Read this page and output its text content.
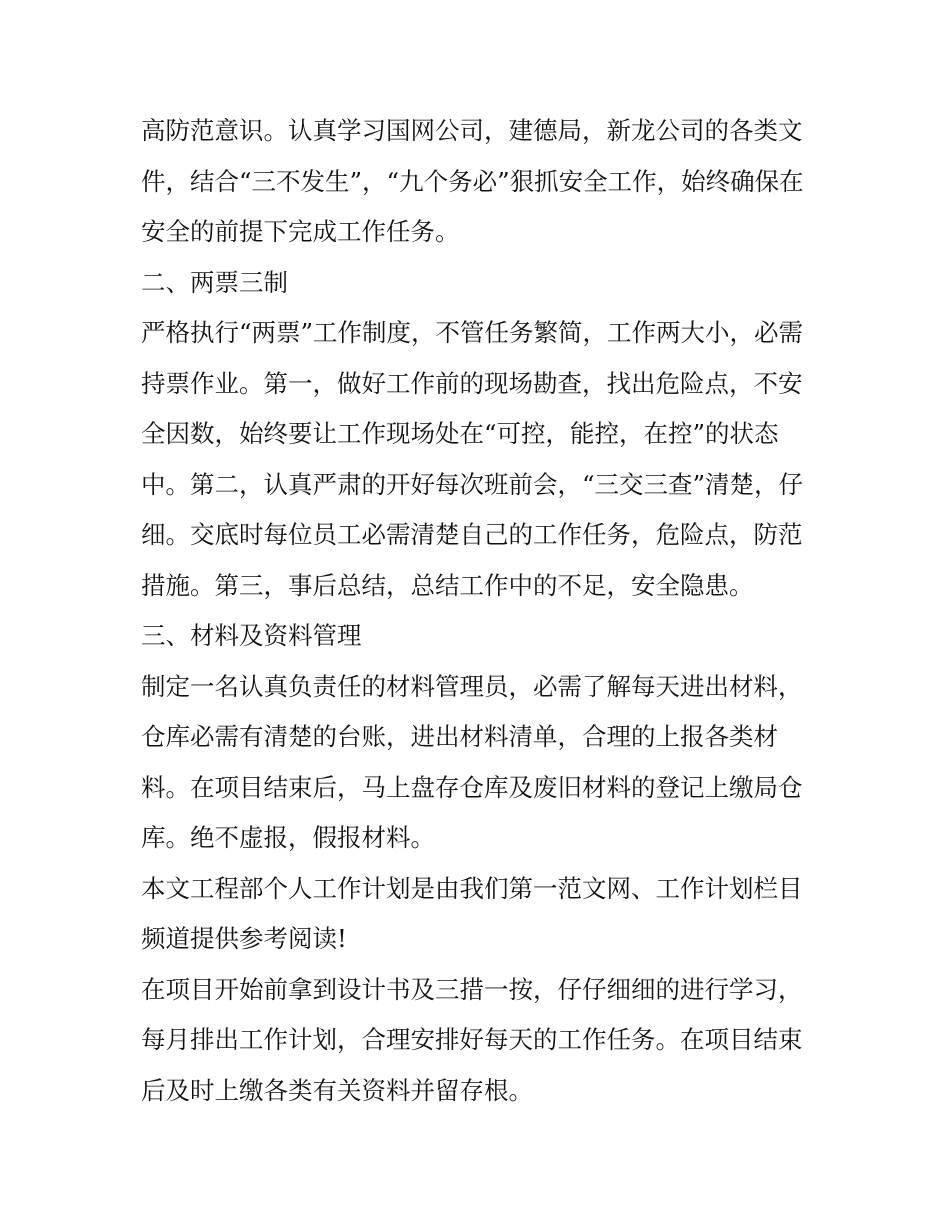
高防范意识。认真学习国网公司，建德局，新龙公司的各类文
件，结合“三不发生”，“九个务必”狠抓安全工作，始终确保在
安全的前提下完成工作任务。
二、两票三制
严格执行“两票”工作制度，不管任务繁简，工作两大小，必需
持票作业。第一，做好工作前的现场勘查，找出危险点，不安
全因数，始终要让工作现场处在“可控，能控，在控”的状态
中。第二，认真严肃的开好每次班前会，“三交三查”清楚，仔
细。交底时每位员工必需清楚自己的工作任务，危险点，防范
措施。第三，事后总结，总结工作中的不足，安全隐患。
三、材料及资料管理
制定一名认真负责任的材料管理员，必需了解每天进出材料，
仓库必需有清楚的台账，进出材料清单，合理的上报各类材
料。在项目结束后，马上盘存仓库及废旧材料的登记上缴局仓
库。绝不虚报，假报材料。
本文工程部个人工作计划是由我们第一范文网、工作计划栏目
频道提供参考阅读!
在项目开始前拿到设计书及三措一按，仔仔细细的进行学习，
每月排出工作计划，合理安排好每天的工作任务。在项目结束
后及时上缴各类有关资料并留存根。
